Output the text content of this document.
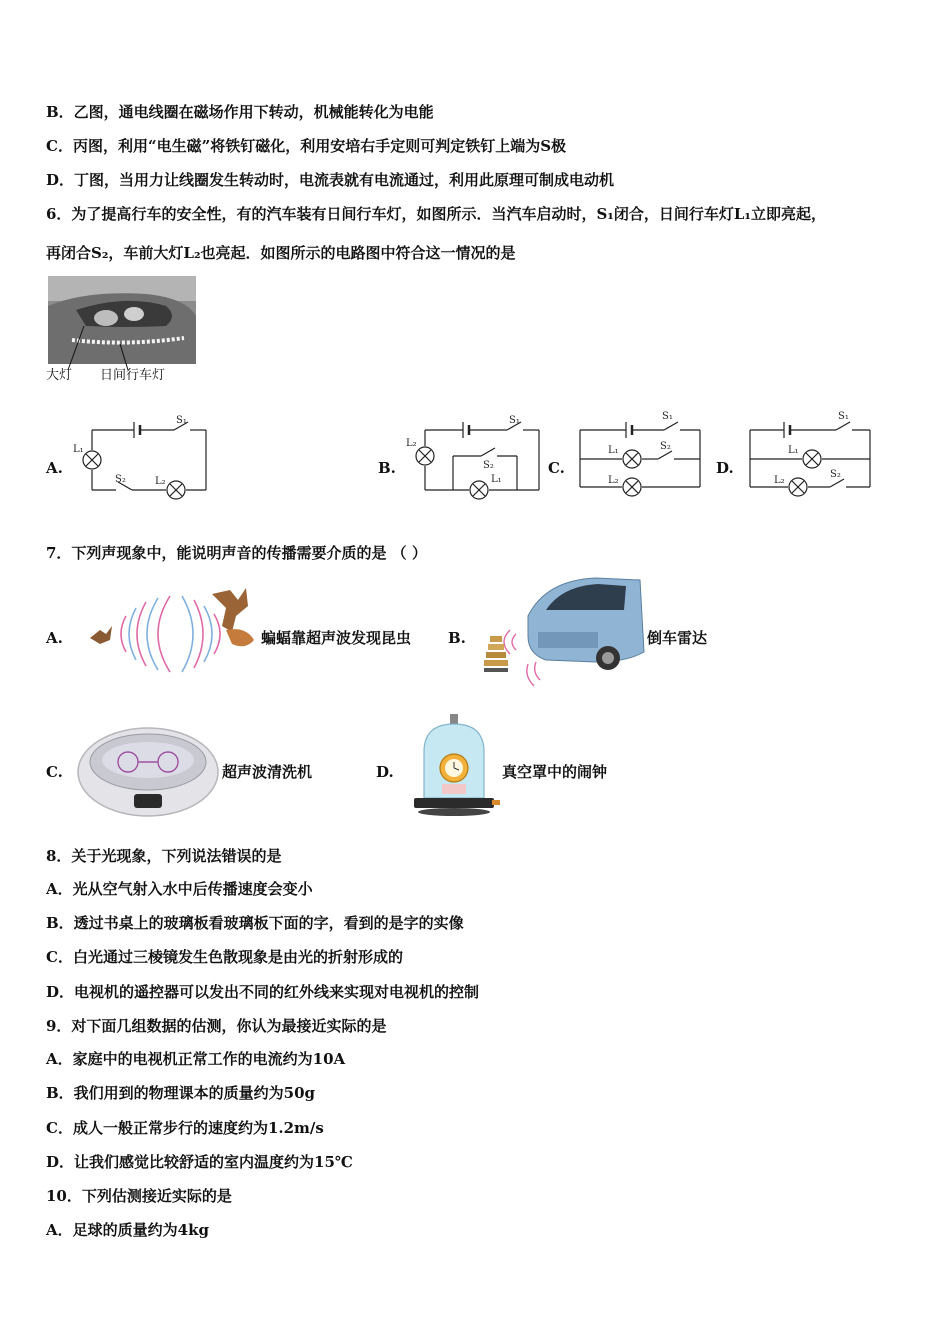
B．乙图，通电线圈在磁场作用下转动，机械能转化为电能
C．丙图，利用“电生磁”将铁钉磁化，利用安培右手定则可判定铁钉上端为S极
D．丁图，当用力让线圈发生转动时，电流表就有电流通过，利用此原理可制成电动机
6．为了提高行车的安全性，有的汽车装有日间行车灯，如图所示．当汽车启动时，S₁闭合，日间行车灯L₁立即亮起，
再闭合S₂，车前大灯L₂也亮起．如图所示的电路图中符合这一情况的是
大灯 日间行车灯
A.	B.	C.	D.
S₁
L₁
S₂	L₂
S₁
L₂
S₂
L₁
S₁
L₁	S₂
L₂
S₁
L₁
L₂
S₂
7．下列声现象中，能说明声音的传播需要介质的是 （ ）
A.	蝙蝠靠超声波发现昆虫 B.	倒车雷达
C.	超声波清洗机	D.	真空罩中的闹钟
8．关于光现象，下列说法错误的是
A．光从空气射入水中后传播速度会变小
B．透过书桌上的玻璃板看玻璃板下面的字，看到的是字的实像
C．白光通过三棱镜发生色散现象是由光的折射形成的
D．电视机的遥控器可以发出不同的红外线来实现对电视机的控制
9．对下面几组数据的估测，你认为最接近实际的是
A．家庭中的电视机正常工作的电流约为10A
B．我们用到的物理课本的质量约为50g
C．成人一般正常步行的速度约为1.2m/s
D．让我们感觉比较舒适的室内温度约为15℃
10．下列估测接近实际的是
A．足球的质量约为4kg
